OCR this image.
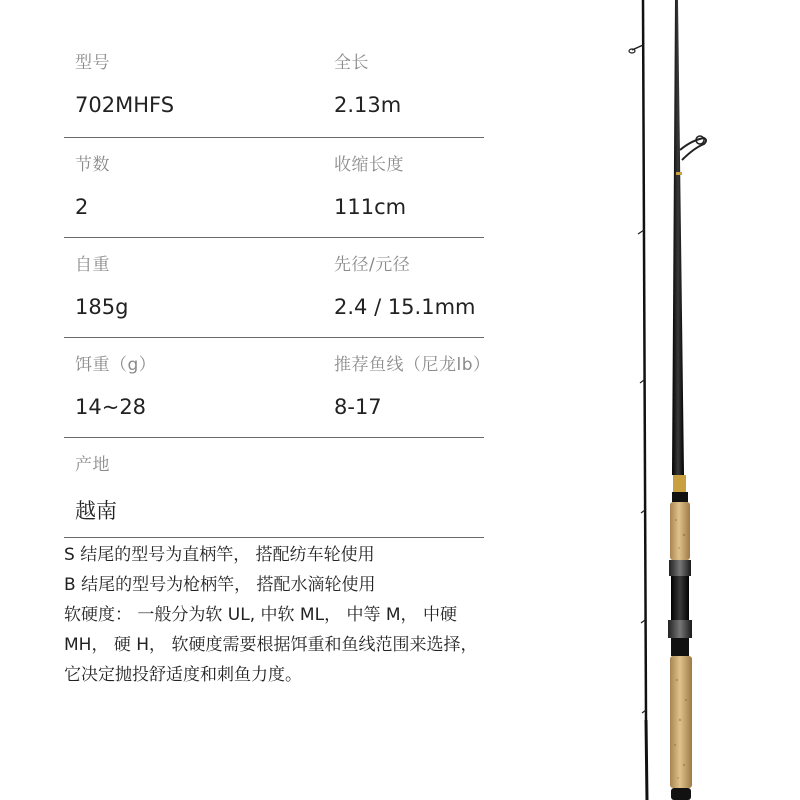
型号
702MHFS
全长
2.13m
节数
2
收缩长度
111cm
自重
185g
先径/元径
2.4 / 15.1mm
饵重（g）
14~28
推荐鱼线（尼龙lb）
8-17
产地
越南
S 结尾的型号为直柄竿， 搭配纺车轮使用
B 结尾的型号为枪柄竿， 搭配水滴轮使用
软硬度： 一般分为软 UL, 中软 ML， 中等 M， 中硬
MH， 硬 H， 软硬度需要根据饵重和鱼线范围来选择，
它决定抛投舒适度和刺鱼力度。
